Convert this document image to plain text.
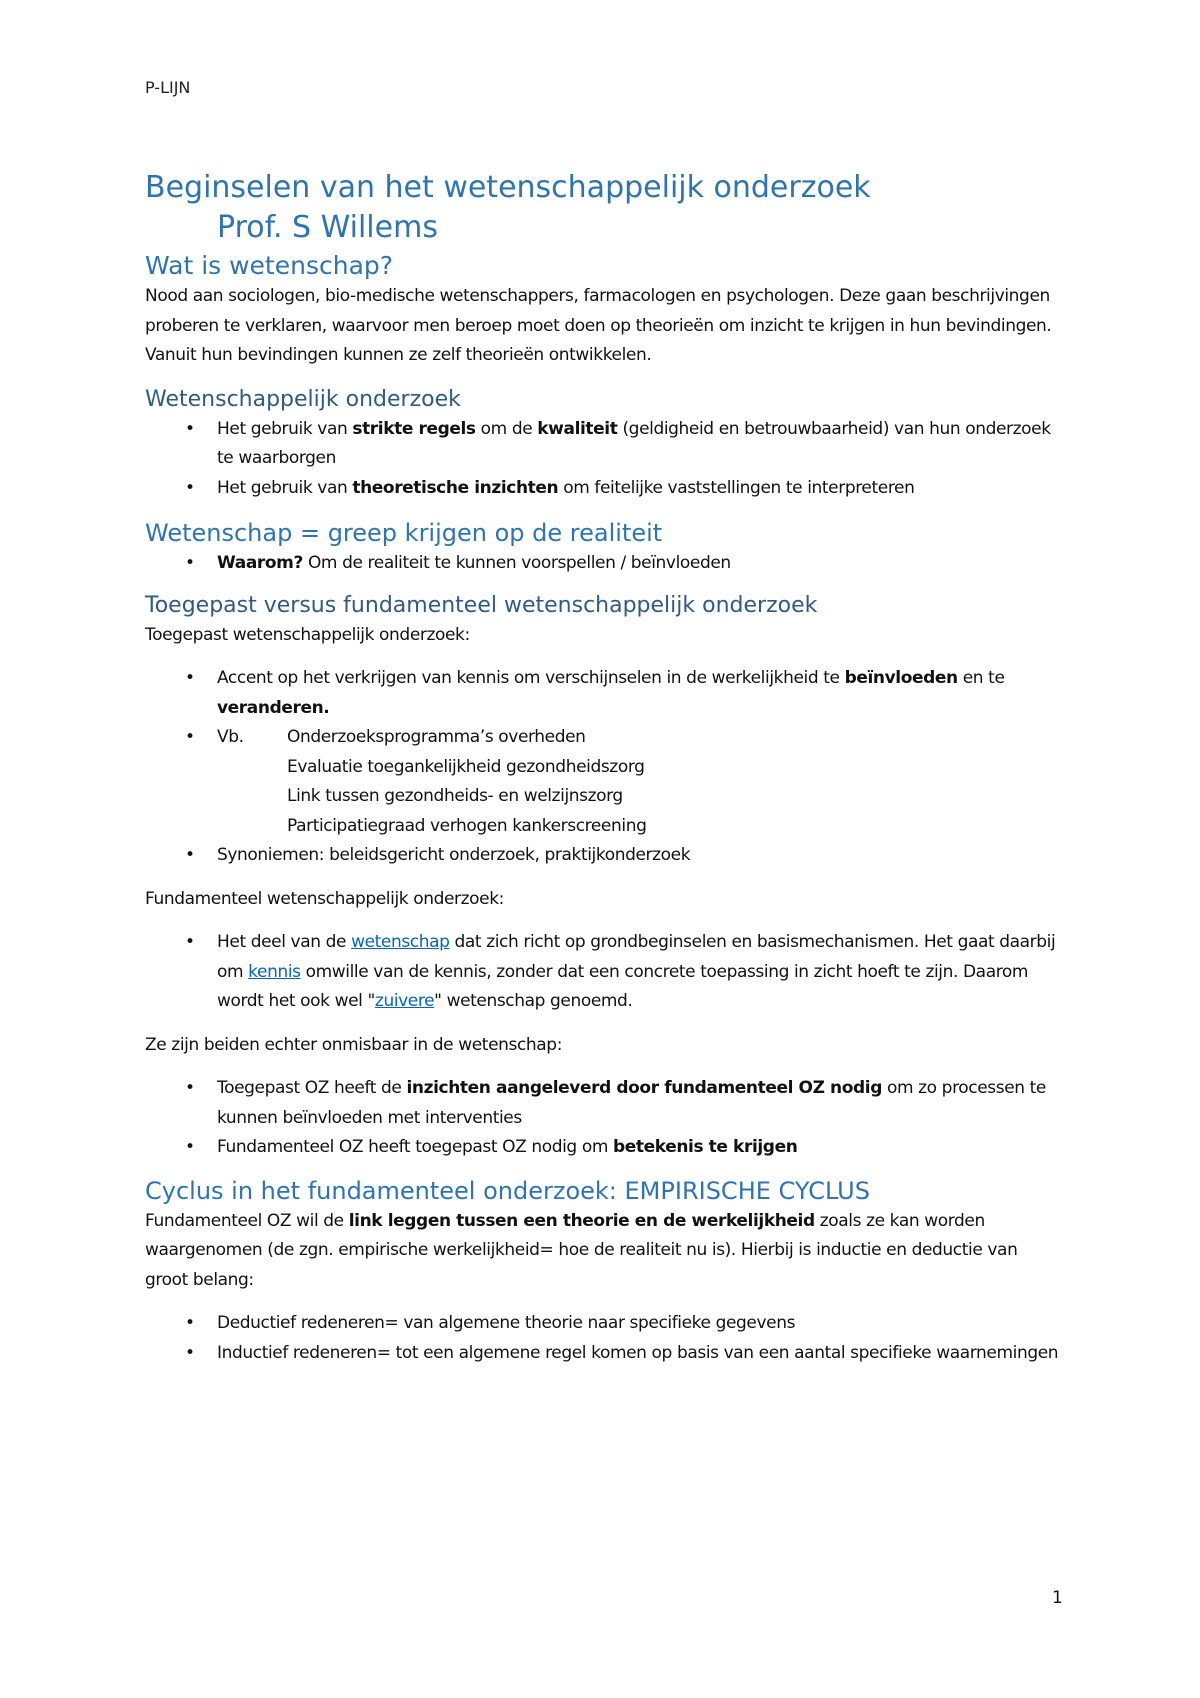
P-LIJN
Beginselen van het wetenschappelijk onderzoek
Prof. S Willems
Wat is wetenschap?

Nood aan sociologen, bio-medische wetenschappers, farmacologen en psychologen. Deze gaan beschrijvingen proberen te verklaren, waarvoor men beroep moet doen op theorieën om inzicht te krijgen in hun bevindingen. Vanuit hun bevindingen kunnen ze zelf theorieën ontwikkelen.

Wetenschappelijk onderzoek
• Het gebruik van strikte regels om de kwaliteit (geldigheid en betrouwbaarheid) van hun onderzoek te waarborgen
• Het gebruik van theoretische inzichten om feitelijke vaststellingen te interpreteren
Wetenschap = greep krijgen op de realiteit
• Waarom? Om de realiteit te kunnen voorspellen / beïnvloeden
Toegepast versus fundamenteel wetenschappelijk onderzoek

Toegepast wetenschappelijk onderzoek:

• Accent op het verkrijgen van kennis om verschijnselen in de werkelijkheid te beïnvloeden en te veranderen.
• Vb.	Onderzoeksprogramma’s overheden
Evaluatie toegankelijkheid gezondheidszorg
Link tussen gezondheids- en welzijnszorg
Participatiegraad verhogen kankerscreening
• Synoniemen: beleidsgericht onderzoek, praktijkonderzoek

Fundamenteel wetenschappelijk onderzoek:

• Het deel van de wetenschap dat zich richt op grondbeginselen en basismechanismen. Het gaat daarbij om kennis omwille van de kennis, zonder dat een concrete toepassing in zicht hoeft te zijn. Daarom wordt het ook wel "zuivere" wetenschap genoemd.

Ze zijn beiden echter onmisbaar in de wetenschap:

• Toegepast OZ heeft de inzichten aangeleverd door fundamenteel OZ nodig om zo processen te kunnen beïnvloeden met interventies
• Fundamenteel OZ heeft toegepast OZ nodig om betekenis te krijgen
Cyclus in het fundamenteel onderzoek: EMPIRISCHE CYCLUS

Fundamenteel OZ wil de link leggen tussen een theorie en de werkelijkheid zoals ze kan worden waargenomen (de zgn. empirische werkelijkheid= hoe de realiteit nu is). Hierbij is inductie en deductie van groot belang:

• Deductief redeneren= van algemene theorie naar specifieke gegevens
• Inductief redeneren= tot een algemene regel komen op basis van een aantal specifieke waarnemingen
1
